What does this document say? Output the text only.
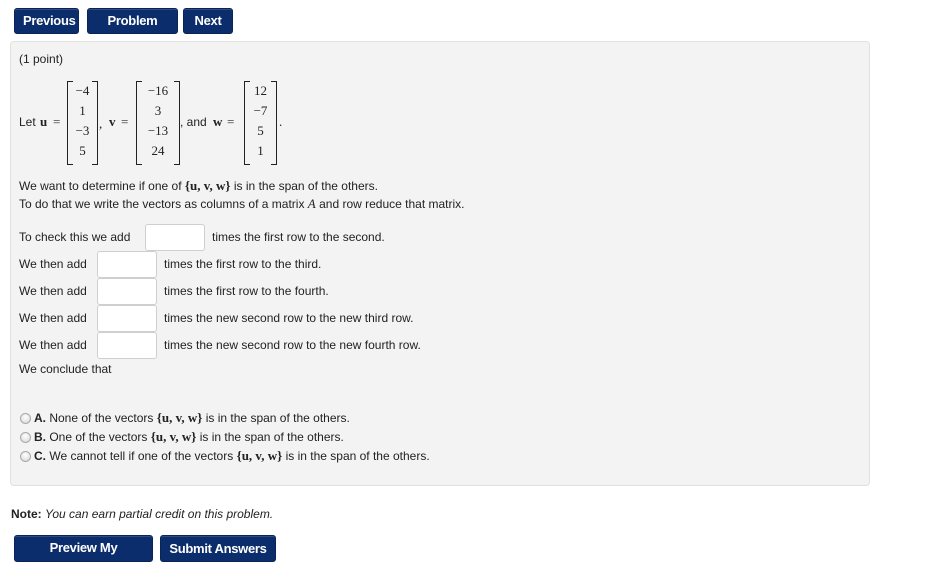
Previous	Problem	Next
(1 point)
Let u =
−4
1
−3
5
, v =
−16
3
−13
24
, and w =
12
−7
5
1
.
We want to determine if one of {u, v, w} is in the span of the others.
To do that we write the vectors as columns of a matrix A and row reduce that matrix.
To check this we add	times the first row to the second.
We then add	times the first row to the third.
We then add	times the first row to the fourth.
We then add	times the new second row to the new third row.
We then add	times the new second row to the new fourth row.
We conclude that
A. None of the vectors {u, v, w} is in the span of the others.
B. One of the vectors {u, v, w} is in the span of the others.
C. We cannot tell if one of the vectors {u, v, w} is in the span of the others.
Note: You can earn partial credit on this problem.
Preview My Answers
Submit Answers
